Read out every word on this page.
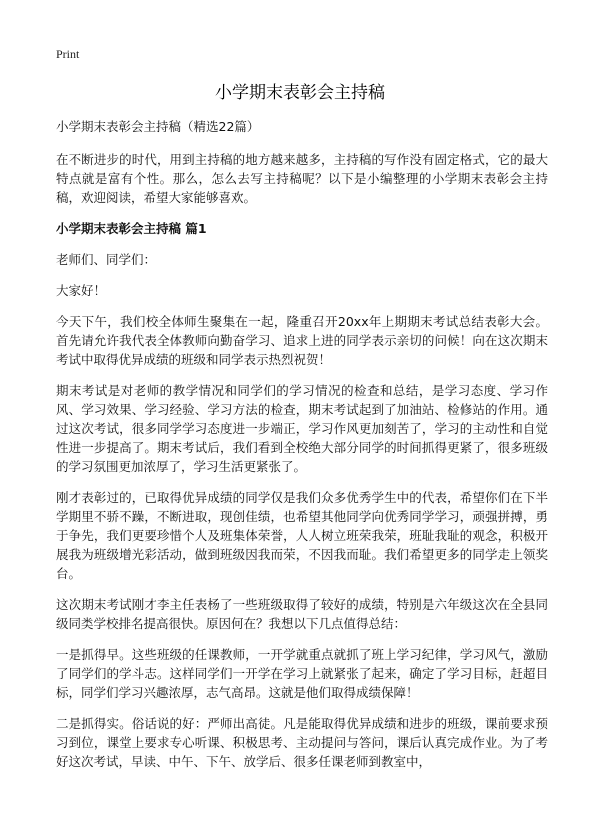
Print
小学期末表彰会主持稿
小学期末表彰会主持稿（精选22篇）

在不断进步的时代，用到主持稿的地方越来越多，主持稿的写作没有固定格式，它的最大特点就是富有个性。那么，怎么去写主持稿呢？以下是小编整理的小学期末表彰会主持稿，欢迎阅读，希望大家能够喜欢。

小学期末表彰会主持稿 篇1

老师们、同学们：

大家好！

今天下午，我们校全体师生聚集在一起，隆重召开20xx年上期期末考试总结表彰大会。首先请允许我代表全体教师向勤奋学习、追求上进的同学表示亲切的问候！向在这次期末考试中取得优异成绩的班级和同学表示热烈祝贺！

期末考试是对老师的教学情况和同学们的学习情况的检查和总结，是学习态度、学习作风、学习效果、学习经验、学习方法的检查，期末考试起到了加油站、检修站的作用。通过这次考试，很多同学学习态度进一步端正，学习作风更加刻苦了，学习的主动性和自觉性进一步提高了。期末考试后，我们看到全校绝大部分同学的时间抓得更紧了，很多班级的学习氛围更加浓厚了，学习生活更紧张了。

刚才表彰过的，已取得优异成绩的同学仅是我们众多优秀学生中的代表，希望你们在下半学期里不骄不躁，不断进取，现创佳绩，也希望其他同学向优秀同学学习，顽强拼搏，勇于争先，我们更要珍惜个人及班集体荣誉，人人树立班荣我荣，班耻我耻的观念，积极开展我为班级增光彩活动，做到班级因我而荣，不因我而耻。我们希望更多的同学走上领奖台。

这次期末考试刚才李主任表杨了一些班级取得了较好的成绩，特别是六年级这次在全县同级同类学校排名提高很快。原因何在？我想以下几点值得总结：

一是抓得早。这些班级的任课教师，一开学就重点就抓了班上学习纪律，学习风气，激励了同学们的学斗志。这样同学们一开学在学习上就紧张了起来，确定了学习目标，赶超目标，同学们学习兴趣浓厚，志气高昂。这就是他们取得成绩保障！

二是抓得实。俗话说的好：严师出高徒。凡是能取得优异成绩和进步的班级，课前要求预习到位，课堂上要求专心听课、积极思考、主动提问与答问，课后认真完成作业。为了考好这次考试，早读、中午、下午、放学后、很多任课老师到教室中，
